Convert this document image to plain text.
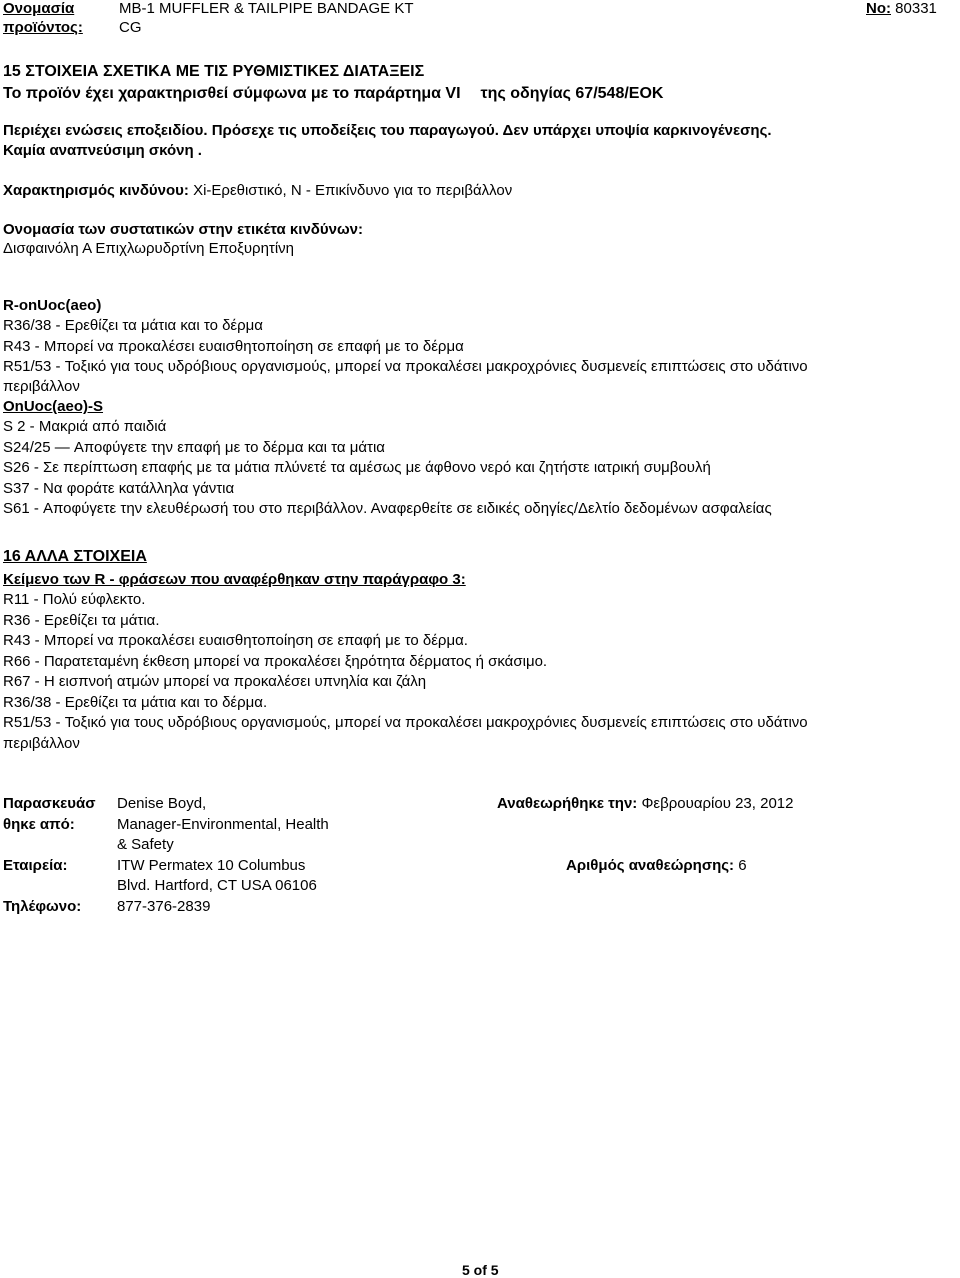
Ονομασία
προϊόντος:
MB-1 MUFFLER & TAILPIPE BANDAGE KT
CG
Nο: 80331
15 ΣΤΟΙΧΕΙΑ ΣΧΕΤΙΚΑ ΜΕ ΤΙΣ ΡΥΘΜΙΣΤΙΚΕΣ ΔΙΑΤΑΞΕΙΣ
Το προϊόν έχει χαρακτηρισθεί σύμφωνα με το παράρτημα VI της οδηγίας 67/548/ΕΟΚ
Περιέχει ενώσεις εποξειδίου. Πρόσεχε τις υποδείξεις του παραγωγού. Δεν υπάρχει υποψία καρκινογένεσης.
Καμία αναπνεύσιμη σκόνη .
Χαρακτηρισμός κινδύνου: Xi-Ερεθιστικό, N - Επικίνδυνο για το περιβάλλον
Ονομασία των συστατικών στην ετικέτα κινδύνων:
Δισφαινόλη Α Επιχλωρυδρτίνη Εποξυρητίνη
R-onUoc(aeo)
R36/38 - Ερεθίζει τα μάτια και το δέρμα
R43 - Μπορεί να προκαλέσει ευαισθητοποίηση σε επαφή με το δέρμα
R51/53 - Τοξικό για τους υδρόβιους οργανισμούς, μπορεί να προκαλέσει μακροχρόνιες δυσμενείς επιπτώσεις στο υδάτινο
περιβάλλον
OnUoc(aeo)-S
S 2 - Μακριά από παιδιά
S24/25 — Αποφύγετε την επαφή με το δέρμα και τα μάτια
S26 - Σε περίπτωση επαφής με τα μάτια πλύνετέ τα αμέσως με άφθονο νερό και ζητήστε ιατρική συμβουλή
S37 - Να φοράτε κατάλληλα γάντια
S61 - Αποφύγετε την ελευθέρωσή του στο περιβάλλον. Αναφερθείτε σε ειδικές οδηγίες/Δελτίο δεδομένων ασφαλείας
16 ΑΛΛΑ ΣΤΟΙΧΕΙΑ
Κείμενο των R - φράσεων που αναφέρθηκαν στην παράγραφο 3:
R11 - Πολύ εύφλεκτο.
R36 - Ερεθίζει τα μάτια.
R43 - Μπορεί να προκαλέσει ευαισθητοποίηση σε επαφή με το δέρμα.
R66 - Παρατεταμένη έκθεση μπορεί να προκαλέσει ξηρότητα δέρματος ή σκάσιμο.
R67 - Η εισπνοή ατμών μπορεί να προκαλέσει υπνηλία και ζάλη
R36/38 - Ερεθίζει τα μάτια και το δέρμα.
R51/53 - Τοξικό για τους υδρόβιους οργανισμούς, μπορεί να προκαλέσει μακροχρόνιες δυσμενείς επιπτώσεις στο υδάτινο
περιβάλλον
Παρασκευάσ
θηκε από:
Denise Boyd,
Manager-Environmental, Health
& Safety
Αναθεωρήθηκε την: Φεβρουαρίου 23, 2012
Εταιρεία:	ITW Permatex 10 Columbus
Blvd. Hartford, CT USA 06106
Αριθμός αναθεώρησης: 6
Τηλέφωνο: 877-376-2839
5 of 5
